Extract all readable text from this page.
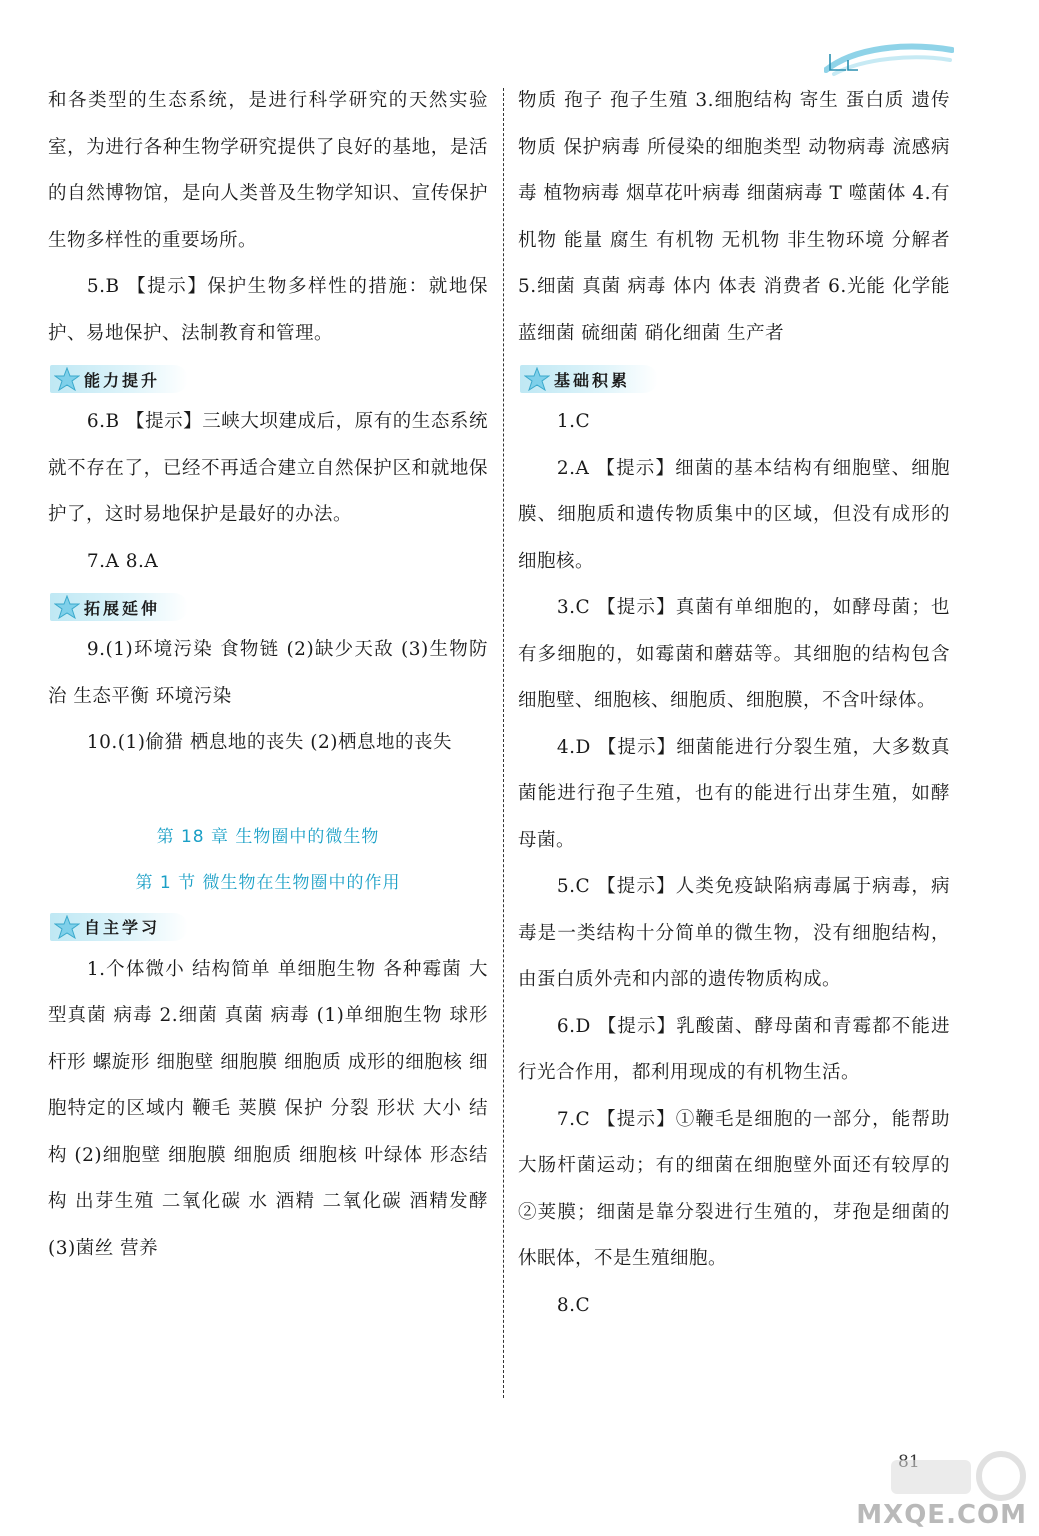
和各类型的生态系统，是进行科学研究的天然实验室，为进行各种生物学研究提供了良好的基地，是活的自然博物馆，是向人类普及生物学知识、宣传保护生物多样性的重要场所。

5.B 【提示】保护生物多样性的措施：就地保护、易地保护、法制教育和管理。

能力提升

6.B 【提示】三峡大坝建成后，原有的生态系统就不存在了，已经不再适合建立自然保护区和就地保护了，这时易地保护是最好的办法。

7.A 8.A

拓展延伸

9.(1)环境污染 食物链 (2)缺少天敌 (3)生物防治 生态平衡 环境污染

10.(1)偷猎 栖息地的丧失 (2)栖息地的丧失

第 18 章 生物圈中的微生物

第 1 节 微生物在生物圈中的作用

自主学习

1.个体微小 结构简单 单细胞生物 各种霉菌 大型真菌 病毒 2.细菌 真菌 病毒 (1)单细胞生物 球形 杆形 螺旋形 细胞壁 细胞膜 细胞质 成形的细胞核 细胞特定的区域内 鞭毛 荚膜 保护 分裂 形状 大小 结构 (2)细胞壁 细胞膜 细胞质 细胞核 叶绿体 形态结构 出芽生殖 二氧化碳 水 酒精 二氧化碳 酒精发酵 (3)菌丝 营养

物质 孢子 孢子生殖 3.细胞结构 寄生 蛋白质 遗传物质 保护病毒 所侵染的细胞类型 动物病毒 流感病毒 植物病毒 烟草花叶病毒 细菌病毒 T 噬菌体 4.有机物 能量 腐生 有机物 无机物 非生物环境 分解者 5.细菌 真菌 病毒 体内 体表 消费者 6.光能 化学能 蓝细菌 硫细菌 硝化细菌 生产者

基础积累

1.C

2.A 【提示】细菌的基本结构有细胞壁、细胞膜、细胞质和遗传物质集中的区域，但没有成形的细胞核。

3.C 【提示】真菌有单细胞的，如酵母菌；也有多细胞的，如霉菌和蘑菇等。其细胞的结构包含细胞壁、细胞核、细胞质、细胞膜，不含叶绿体。

4.D 【提示】细菌能进行分裂生殖，大多数真菌能进行孢子生殖，也有的能进行出芽生殖，如酵母菌。

5.C 【提示】人类免疫缺陷病毒属于病毒，病毒是一类结构十分简单的微生物，没有细胞结构，由蛋白质外壳和内部的遗传物质构成。

6.D 【提示】乳酸菌、酵母菌和青霉都不能进行光合作用，都利用现成的有机物生活。

7.C 【提示】①鞭毛是细胞的一部分，能帮助大肠杆菌运动；有的细菌在细胞壁外面还有较厚的②荚膜；细菌是靠分裂进行生殖的，芽孢是细菌的休眠体，不是生殖细胞。

8.C

MXQE.COM
